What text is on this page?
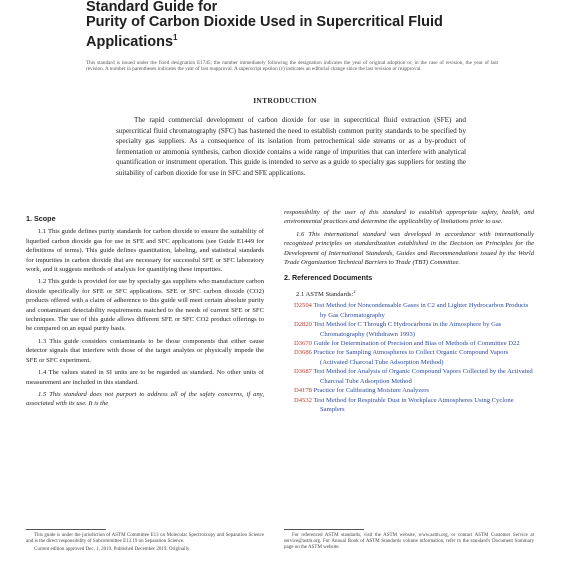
Standard Guide for
Purity of Carbon Dioxide Used in Supercritical Fluid
Applications$^1$
This standard is issued under the fixed designation E1745; the number immediately following the designation indicates the year of original adoption or, in the case of revision, the year of last revision. A number in parentheses indicates the year of last reapproval. A superscript epsilon (ε) indicates an editorial change since the last revision or reapproval.
INTRODUCTION
The rapid commercial development of carbon dioxide for use in supercritical fluid extraction (SFE) and supercritical fluid chromatography (SFC) has hastened the need to establish common purity standards to be specified by specialty gas suppliers. As a consequence of its isolation from petrochemical side streams or as a by-product of fermentation or ammonia synthesis, carbon dioxide contains a wide range of impurities that can interfere with analytical quantification or instrument operation. This guide is intended to serve as a guide to specialty gas suppliers for testing the suitability of carbon dioxide for use in SFC and SFE applications.
1. Scope

1.1 This guide defines purity standards for carbon dioxide to ensure the suitability of liquefied carbon dioxide gas for use in SFE and SFC applications (see Guide E1449 for definitions of terms). This guide defines quantitation, labeling, and statistical standards for impurities in carbon dioxide that are necessary for successful SFE or SFC laboratory work, and it suggests methods of analysis for quantifying these impurities.

1.2 This guide is provided for use by specialty gas suppliers who manufacture carbon dioxide specifically for SFE or SFC applications. SFE or SFC carbon dioxide (CO2) products offered with a claim of adherence to this guide will meet certain absolute purity and contaminant detectability requirements matched to the needs of current SFE or SFC techniques. The use of this guide allows different SFE or SFC CO2 product offerings to be compared on an equal purity basis.

1.3 This guide considers contaminants to be those components that either cause detector signals that interfere with those of the target analytes or physically impede the SFE or SFC experiment.

1.4 The values stated in SI units are to be regarded as standard. No other units of measurement are included in this standard.

1.5 This standard does not purport to address all of the safety concerns, if any, associated with its use. It is the

responsibility of the user of this standard to establish appropriate safety, health, and environmental practices and determine the applicability of limitations prior to use.

1.6 This international standard was developed in accordance with internationally recognized principles on standardization established in the Decision on Principles for the Development of International Standards, Guides and Recommendations issued by the World Trade Organization Technical Barriers to Trade (TBT) Committee.

2. Referenced Documents

2.1 ASTM Standards:$^2$

D2504 Test Method for Noncondensable Gases in C2 and Lighter Hydrocarbon Products by Gas Chromatography
D2820 Test Method for C Through C Hydrocarbons in the Atmosphere by Gas Chromatography (Withdrawn 1993)
D3670 Guide for Determination of Precision and Bias of Methods of Committee D22
D3686 Practice for Sampling Atmospheres to Collect Organic Compound Vapors (Activated Charcoal Tube Adsorption Method)
D3687 Test Method for Analysis of Organic Compound Vapors Collected by the Activated Charcoal Tube Adsorption Method
D4178 Practice for Calibrating Moisture Analyzers
D4532 Test Method for Respirable Dust in Workplace Atmospheres Using Cyclone Samplers

This guide is under the jurisdiction of ASTM Committee E13 on Molecular Spectroscopy and Separation Science and is the direct responsibility of Subcommittee E13.19 on Separation Science.

Current edition approved Dec. 1, 2019. Published December 2019. Originally

For referenced ASTM standards, visit the ASTM website, www.astm.org, or contact ASTM Customer Service at service@astm.org. For Annual Book of ASTM Standards volume information, refer to the standard's Document Summary page on the ASTM website.
